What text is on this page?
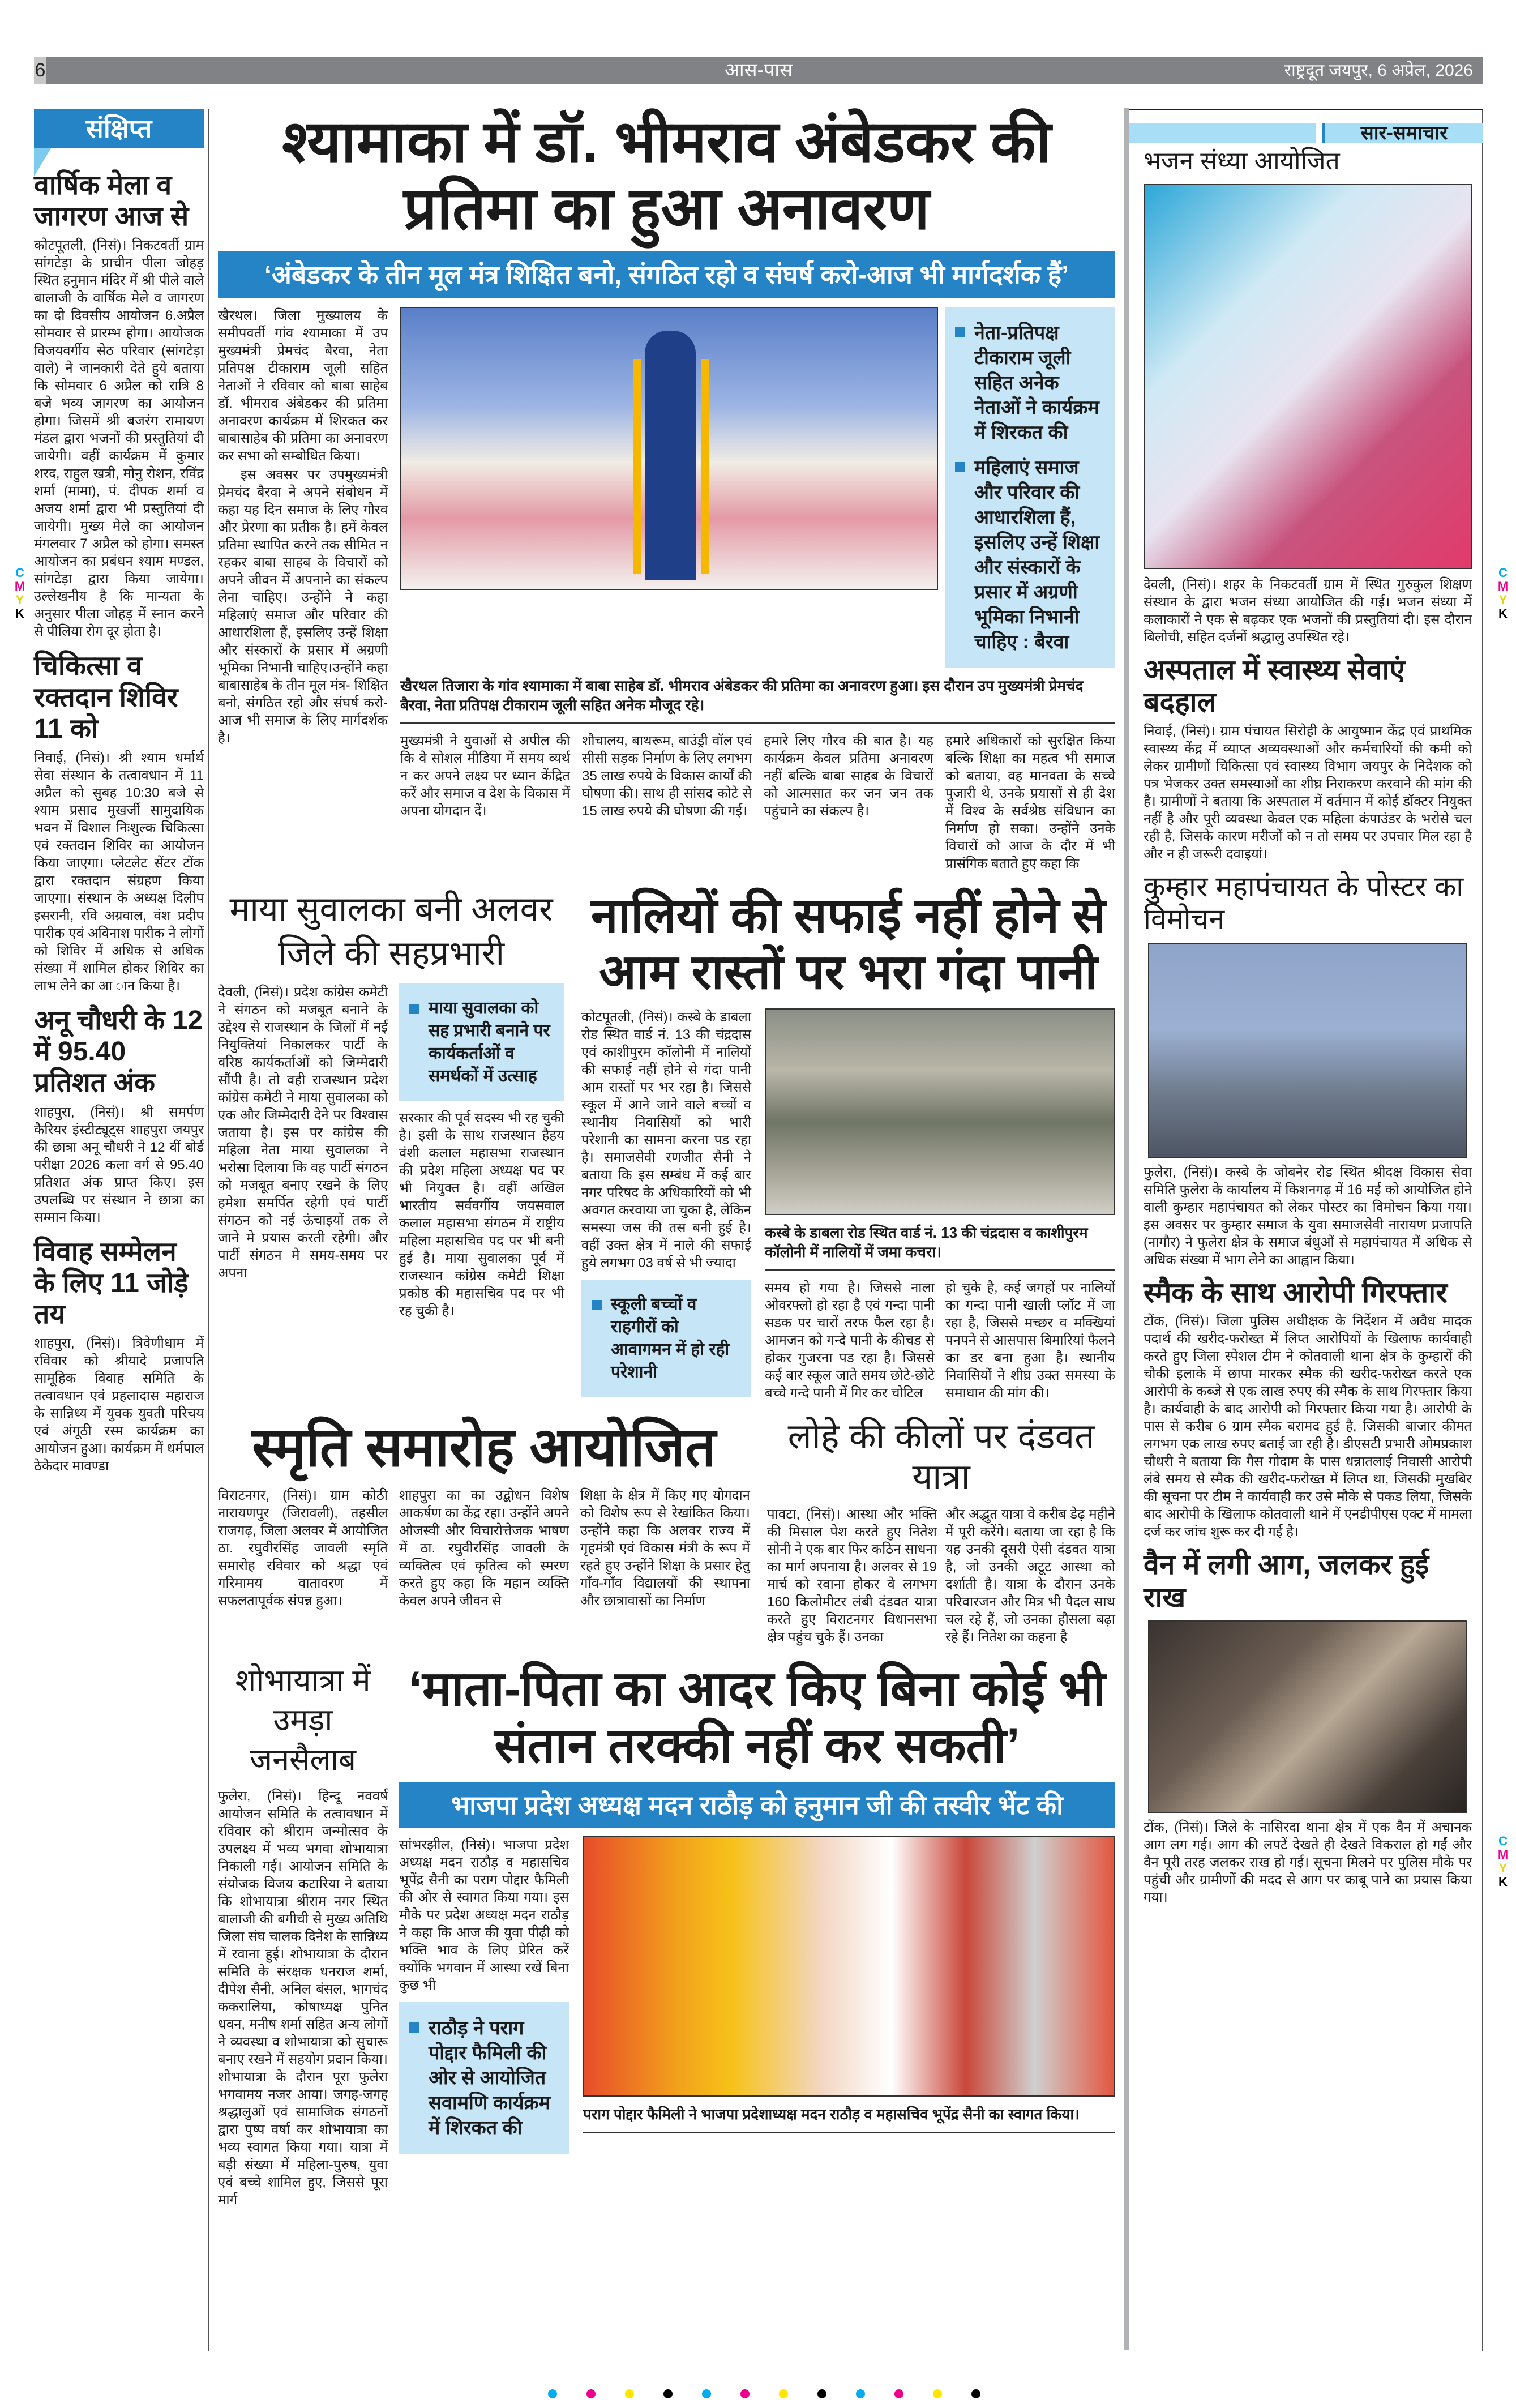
6	आस-पास	राष्ट्रदूत जयपुर, 6 अप्रेल, 2026
संक्षिप्त
वार्षिक मेला व जागरण आज से
कोटपूतली, (निसं)। निकटवर्ती ग्राम सांगटेड़ा के प्राचीन पीला जोहड़ स्थित हनुमान मंदिर में श्री पीले वाले बालाजी के वार्षिक मेले व जागरण का दो दिवसीय आयोजन 6.अप्रैल सोमवार से प्रारम्भ होगा। आयोजक विजयवर्गीय सेठ परिवार (सांगटेड़ा वाले) ने जानकारी देते हुये बताया कि सोमवार 6 अप्रैल को रात्रि 8 बजे भव्य जागरण का आयोजन होगा। जिसमें श्री बजरंग रामायण मंडल द्वारा भजनों की प्रस्तुतियां दी जायेगी। वहीं कार्यक्रम में कुमार शरद, राहुल खत्री, मोनु रोशन, रविंद्र शर्मा (मामा), पं. दीपक शर्मा व अजय शर्मा द्वारा भी प्रस्तुतियां दी जायेगी। मुख्य मेले का आयोजन मंगलवार 7 अप्रैल को होगा। समस्त आयोजन का प्रबंधन श्याम मण्डल, सांगटेड़ा द्वारा किया जायेगा। उल्लेखनीय है कि मान्यता के अनुसार पीला जोहड़ में स्नान करने से पीलिया रोग दूर होता है।
चिकित्सा व रक्तदान शिविर 11 को
निवाई, (निसं)। श्री श्याम धर्मार्थ सेवा संस्थान के तत्वावधान में 11 अप्रैल को सुबह 10:30 बजे से श्याम प्रसाद मुखर्जी सामुदायिक भवन में विशाल निःशुल्क चिकित्सा एवं रक्तदान शिविर का आयोजन किया जाएगा। प्लेटलेट सेंटर टोंक द्वारा रक्तदान संग्रहण किया जाएगा। संस्थान के अध्यक्ष दिलीप इसरानी, रवि अग्रवाल, वंश प्रदीप पारीक एवं अविनाश पारीक ने लोगों को शिविर में अधिक से अधिक संख्या में शामिल होकर शिविर का लाभ लेने का आ ान किया है।
अनू चौधरी के 12 में 95.40 प्रतिशत अंक
शाहपुरा, (निसं)। श्री समर्पण कैरियर इंस्टीट्यूट्स शाहपुरा जयपुर की छात्रा अनू चौधरी ने 12 वीं बोर्ड परीक्षा 2026 कला वर्ग से 95.40 प्रतिशत अंक प्राप्त किए। इस उपलब्धि पर संस्थान ने छात्रा का सम्मान किया।
विवाह सम्मेलन के लिए 11 जोड़े तय
शाहपुरा, (निसं)। त्रिवेणीधाम में रविवार को श्रीयादे प्रजापति सामूहिक विवाह समिति के तत्वावधान एवं प्रहलादास महाराज के सान्निध्य में युवक युवती परिचय एवं अंगूठी रस्म कार्यक्रम का आयोजन हुआ। कार्यक्रम में धर्मपाल ठेकेदार मावण्डा
C
M
Y
K
श्यामाका में डॉ. भीमराव अंबेडकर की प्रतिमा का हुआ अनावरण
‘अंबेडकर के तीन मूल मंत्र शिक्षित बनो, संगठित रहो व संघर्ष करो-आज भी मार्गदर्शक हैं’

खैरथल। जिला मुख्यालय के समीपवर्ती गांव श्यामाका में उप मुख्यमंत्री प्रेमचंद बैरवा, नेता प्रतिपक्ष टीकाराम जूली सहित नेताओं ने रविवार को बाबा साहेब डॉ. भीमराव अंबेडकर की प्रतिमा अनावरण कार्यक्रम में शिरकत कर बाबासाहेब की प्रतिमा का अनावरण कर सभा को सम्बोधित किया।

इस अवसर पर उपमुख्यमंत्री प्रेमचंद बैरवा ने अपने संबोधन में कहा यह दिन समाज के लिए गौरव और प्रेरणा का प्रतीक है। हमें केवल प्रतिमा स्थापित करने तक सीमित न रहकर बाबा साहब के विचारों को अपने जीवन में अपनाने का संकल्प लेना चाहिए। उन्होंने ने कहा महिलाएं समाज और परिवार की आधारशिला हैं, इसलिए उन्हें शिक्षा और संस्कारों के प्रसार में अग्रणी भूमिका निभानी चाहिए।उन्होंने कहा बाबासाहेब के तीन मूल मंत्र- शिक्षित बनो, संगठित रहो और संघर्ष करो-आज भी समाज के लिए मार्गदर्शक है।

नेता-प्रतिपक्ष टीकाराम जूली सहित अनेक नेताओं ने कार्यक्रम में शिरकत की
महिलाएं समाज और परिवार की आधारशिला हैं, इसलिए उन्हें शिक्षा और संस्कारों के प्रसार में अग्रणी भूमिका निभानी चाहिए : बैरवा
खैरथल तिजारा के गांव श्यामाका में बाबा साहेब डॉ. भीमराव अंबेडकर की प्रतिमा का अनावरण हुआ। इस दौरान उप मुख्यमंत्री प्रेमचंद बैरवा, नेता प्रतिपक्ष टीकाराम जूली सहित अनेक मौजूद रहे।
मुख्यमंत्री ने युवाओं से अपील की कि वे सोशल मीडिया में समय व्यर्थ न कर अपने लक्ष्य पर ध्यान केंद्रित करें और समाज व देश के विकास में अपना योगदान दें।
शौचालय, बाथरूम, बाउंड्री वॉल एवं सीसी सड़क निर्माण के लिए लगभग 35 लाख रुपये के विकास कार्यों की घोषणा की। साथ ही सांसद कोटे से 15 लाख रुपये की घोषणा की गई।
हमारे लिए गौरव की बात है। यह कार्यक्रम केवल प्रतिमा अनावरण नहीं बल्कि बाबा साहब के विचारों को आत्मसात कर जन जन तक पहुंचाने का संकल्प है।
हमारे अधिकारों को सुरक्षित किया बल्कि शिक्षा का महत्व भी समाज को बताया, वह मानवता के सच्चे पुजारी थे, उनके प्रयासों से ही देश में विश्व के सर्वश्रेष्ठ संविधान का निर्माण हो सका। उन्होंने उनके विचारों को आज के दौर में भी प्रासंगिक बताते हुए कहा कि
माया सुवालका बनी अलवर जिले की सहप्रभारी
देवली, (निसं)। प्रदेश कांग्रेस कमेटी ने संगठन को मजबूत बनाने के उद्देश्य से राजस्थान के जिलों में नई नियुक्तियां निकालकर पार्टी के वरिष्ठ कार्यकर्ताओं को जिम्मेदारी सौंपी है। तो वही राजस्थान प्रदेश कांग्रेस कमेटी ने माया सुवालका को एक और जिम्मेदारी देने पर विश्वास जताया है। इस पर कांग्रेस की महिला नेता माया सुवालका ने भरोसा दिलाया कि वह पार्टी संगठन को मजबूत बनाए रखने के लिए हमेशा समर्पित रहेगी एवं पार्टी संगठन को नई ऊंचाइयों तक ले जाने मे प्रयास करती रहेगी। और पार्टी संगठन मे समय-समय पर अपना
माया सुवालका को सह प्रभारी बनाने पर कार्यकर्ताओं व समर्थकों में उत्साह
सरकार की पूर्व सदस्य भी रह चुकी है। इसी के साथ राजस्थान हैहय वंशी कलाल महासभा राजस्थान की प्रदेश महिला अध्यक्ष पद पर भी नियुक्त है। वहीं अखिल भारतीय सर्ववर्गीय जयसवाल कलाल महासभा संगठन में राष्ट्रीय महिला महासचिव पद पर भी बनी हुई है। माया सुवालका पूर्व में राजस्थान कांग्रेस कमेटी शिक्षा प्रकोष्ठ की महासचिव पद पर भी रह चुकी है।
नालियों की सफाई नहीं होने से आम रास्तों पर भरा गंदा पानी
कोटपूतली, (निसं)। कस्बे के डाबला रोड स्थित वार्ड नं. 13 की चंद्रदास एवं काशीपुरम कॉलोनी में नालियों की सफाई नहीं होने से गंदा पानी आम रास्तों पर भर रहा है। जिससे स्कूल में आने जाने वाले बच्चों व स्थानीय निवासियों को भारी परेशानी का सामना करना पड रहा है। समाजसेवी रणजीत सैनी ने बताया कि इस सम्बंध में कई बार नगर परिषद के अधिकारियों को भी अवगत करवाया जा चुका है, लेकिन समस्या जस की तस बनी हुई है। वहीं उक्त क्षेत्र में नाले की सफाई हुये लगभग 03 वर्ष से भी ज्यादा
स्कूली बच्चों व राहगीरों को आवागमन में हो रही परेशानी
कस्बे के डाबला रोड स्थित वार्ड नं. 13 की चंद्रदास व काशीपुरम कॉलोनी में नालियों में जमा कचरा।
समय हो गया है। जिससे नाला ओवरफ्लो हो रहा है एवं गन्दा पानी सडक पर चारों तरफ फैल रहा है। आमजन को गन्दे पानी के कीचड से होकर गुजरना पड रहा है। जिससे कई बार स्कूल जाते समय छोटे-छोटे बच्चे गन्दे पानी में गिर कर चोटिल
हो चुके है, कई जगहों पर नालियों का गन्दा पानी खाली प्लॉट में जा रहा है, जिससे मच्छर व मक्खियां पनपने से आसपास बिमारियां फैलने का डर बना हुआ है। स्थानीय निवासियों ने शीघ्र उक्त समस्या के समाधान की मांग की।
स्मृति समारोह आयोजित
विराटनगर, (निसं)। ग्राम कोठी नारायणपुर (जिरावली), तहसील राजगढ़, जिला अलवर में आयोजित ठा. रघुवीरसिंह जावली स्मृति समारोह रविवार को श्रद्धा एवं गरिमामय वातावरण में सफलतापूर्वक संपन्न हुआ।
शाहपुरा का का उद्बोधन विशेष आकर्षण का केंद्र रहा। उन्होंने अपने ओजस्वी और विचारोत्तेजक भाषण में ठा. रघुवीरसिंह जावली के व्यक्तित्व एवं कृतित्व को स्मरण करते हुए कहा कि महान व्यक्ति केवल अपने जीवन से
शिक्षा के क्षेत्र में किए गए योगदान को विशेष रूप से रेखांकित किया। उन्होंने कहा कि अलवर राज्य में गृहमंत्री एवं विकास मंत्री के रूप में रहते हुए उन्होंने शिक्षा के प्रसार हेतु गाँव-गाँव विद्यालयों की स्थापना और छात्रावासों का निर्माण
लोहे की कीलों पर दंडवत यात्रा
पावटा, (निसं)। आस्था और भक्ति की मिसाल पेश करते हुए नितेश सोनी ने एक बार फिर कठिन साधना का मार्ग अपनाया है। अलवर से 19 मार्च को रवाना होकर वे लगभग 160 किलोमीटर लंबी दंडवत यात्रा करते हुए विराटनगर विधानसभा क्षेत्र पहुंच चुके हैं। उनका
और अद्भुत यात्रा वे करीब डेढ़ महीने में पूरी करेंगे। बताया जा रहा है कि यह उनकी दूसरी ऐसी दंडवत यात्रा है, जो उनकी अटूट आस्था को दर्शाती है। यात्रा के दौरान उनके परिवारजन और मित्र भी पैदल साथ चल रहे हैं, जो उनका हौसला बढ़ा रहे हैं। नितेश का कहना है
शोभायात्रा में उमड़ा जनसैलाब
फुलेरा, (निसं)। हिन्दू नववर्ष आयोजन समिति के तत्वावधान में रविवार को श्रीराम जन्मोत्सव के उपलक्ष्य में भव्य भगवा शोभायात्रा निकाली गई। आयोजन समिति के संयोजक विजय कटारिया ने बताया कि शोभायात्रा श्रीराम नगर स्थित बालाजी की बगीची से मुख्य अतिथि जिला संघ चालक दिनेश के सान्निध्य में रवाना हुई। शोभायात्रा के दौरान समिति के संरक्षक धनराज शर्मा, दीपेश सैनी, अनिल बंसल, भागचंद ककरालिया, कोषाध्यक्ष पुनित धवन, मनीष शर्मा सहित अन्य लोगों ने व्यवस्था व शोभायात्रा को सुचारू बनाए रखने में सहयोग प्रदान किया। शोभायात्रा के दौरान पूरा फुलेरा भगवामय नजर आया। जगह-जगह श्रद्धालुओं एवं सामाजिक संगठनों द्वारा पुष्प वर्षा कर शोभायात्रा का भव्य स्वागत किया गया। यात्रा में बड़ी संख्या में महिला-पुरुष, युवा एवं बच्चे शामिल हुए, जिससे पूरा मार्ग
‘माता-पिता का आदर किए बिना कोई भी संतान तरक्की नहीं कर सकती’
भाजपा प्रदेश अध्यक्ष मदन राठौड़ को हनुमान जी की तस्वीर भेंट की
सांभरझील, (निसं)। भाजपा प्रदेश अध्यक्ष मदन राठौड़ व महासचिव भूपेंद्र सैनी का पराग पोद्दार फैमिली की ओर से स्वागत किया गया। इस मौके पर प्रदेश अध्यक्ष मदन राठौड़ ने कहा कि आज की युवा पीढ़ी को भक्ति भाव के लिए प्रेरित करें क्योंकि भगवान में आस्था रखें बिना कुछ भी
राठौड़ ने पराग पोद्दार फैमिली की ओर से आयोजित सवामणि कार्यक्रम में शिरकत की
पराग पोद्दार फैमिली ने भाजपा प्रदेशाध्यक्ष मदन राठौड़ व महासचिव भूपेंद्र सैनी का स्वागत किया।
सार-समाचार
भजन संध्या आयोजित
देवली, (निसं)। शहर के निकटवर्ती ग्राम में स्थित गुरुकुल शिक्षण संस्थान के द्वारा भजन संध्या आयोजित की गई। भजन संध्या में कलाकारों ने एक से बढ़कर एक भजनों की प्रस्तुतियां दी। इस दौरान बिलोची, सहित दर्जनों श्रद्धालु उपस्थित रहे।
अस्पताल में स्वास्थ्य सेवाएं बदहाल
निवाई, (निसं)। ग्राम पंचायत सिरोही के आयुष्मान केंद्र एवं प्राथमिक स्वास्थ्य केंद्र में व्याप्त अव्यवस्थाओं और कर्मचारियों की कमी को लेकर ग्रामीणों चिकित्सा एवं स्वास्थ्य विभाग जयपुर के निदेशक को पत्र भेजकर उक्त समस्याओं का शीघ्र निराकरण करवाने की मांग की है। ग्रामीणों ने बताया कि अस्पताल में वर्तमान में कोई डॉक्टर नियुक्त नहीं है और पूरी व्यवस्था केवल एक महिला कंपाउंडर के भरोसे चल रही है, जिसके कारण मरीजों को न तो समय पर उपचार मिल रहा है और न ही जरूरी दवाइयां।
कुम्हार महापंचायत के पोस्टर का विमोचन
फुलेरा, (निसं)। कस्बे के जोबनेर रोड स्थित श्रीदक्ष विकास सेवा समिति फुलेरा के कार्यालय में किशनगढ़ में 16 मई को आयोजित होने वाली कुम्हार महापंचायत को लेकर पोस्टर का विमोचन किया गया। इस अवसर पर कुम्हार समाज के युवा समाजसेवी नारायण प्रजापति (नागौर) ने फुलेरा क्षेत्र के समाज बंधुओं से महापंचायत में अधिक से अधिक संख्या में भाग लेने का आह्वान किया।
स्मैक के साथ आरोपी गिरफ्तार
टोंक, (निसं)। जिला पुलिस अधीक्षक के निर्देशन में अवैध मादक पदार्थ की खरीद-फरोख्त में लिप्त आरोपियों के खिलाफ कार्यवाही करते हुए जिला स्पेशल टीम ने कोतवाली थाना क्षेत्र के कुम्हारों की चौकी इलाके में छापा मारकर स्मैक की खरीद-फरोख्त करते एक आरोपी के कब्जे से एक लाख रुपए की स्मैक के साथ गिरफ्तार किया है। कार्यवाही के बाद आरोपी को गिरफ्तार किया गया है। आरोपी के पास से करीब 6 ग्राम स्मैक बरामद हुई है, जिसकी बाजार कीमत लगभग एक लाख रुपए बताई जा रही है। डीएसटी प्रभारी ओमप्रकाश चौधरी ने बताया कि गैस गोदाम के पास धन्नातलाई निवासी आरोपी लंबे समय से स्मैक की खरीद-फरोख्त में लिप्त था, जिसकी मुखबिर की सूचना पर टीम ने कार्यवाही कर उसे मौके से पकड लिया, जिसके बाद आरोपी के खिलाफ कोतवाली थाने में एनडीपीएस एक्ट में मामला दर्ज कर जांच शुरू कर दी गई है।
वैन में लगी आग, जलकर हुई राख
टोंक, (निसं)। जिले के नासिरदा थाना क्षेत्र में एक वैन में अचानक आग लग गई। आग की लपटें देखते ही देखते विकराल हो गईं और वैन पूरी तरह जलकर राख हो गई। सूचना मिलने पर पुलिस मौके पर पहुंची और ग्रामीणों की मदद से आग पर काबू पाने का प्रयास किया गया।
C
M
Y
K
C
M
Y
K
